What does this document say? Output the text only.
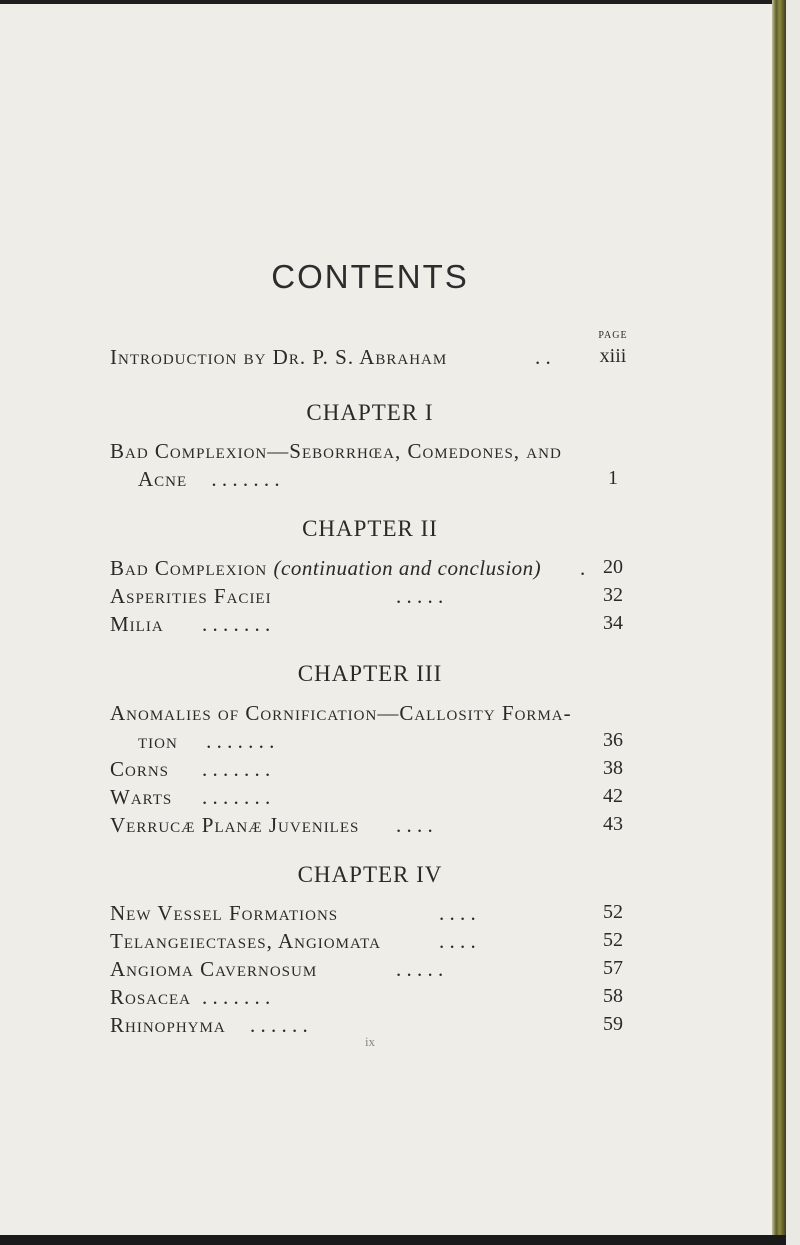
CONTENTS
PAGE
Introduction by Dr. P. S. Abraham	. . xiii
CHAPTER I
Bad Complexion—Seborrhœa, Comedones, and
Acne . . . . . . .	1
CHAPTER II
Bad Complexion (continuation and conclusion) . 20
Asperities Faciei	. . . . .	32
Milia . . . . . . .	34
CHAPTER III
Anomalies of Cornification—Callosity Forma-
tion . . . . . . .	36
Corns . . . . . . .	38
Warts . . . . . . .	42
Verrucæ Planæ Juveniles . . . .	43
CHAPTER IV
New Vessel Formations	. . . .	52
Telangeiectases, Angiomata	. . . .	52
Angioma Cavernosum	. . . . .	57
Rosacea . . . . . . .	58
Rhinophyma . . . . . .	59
ix
